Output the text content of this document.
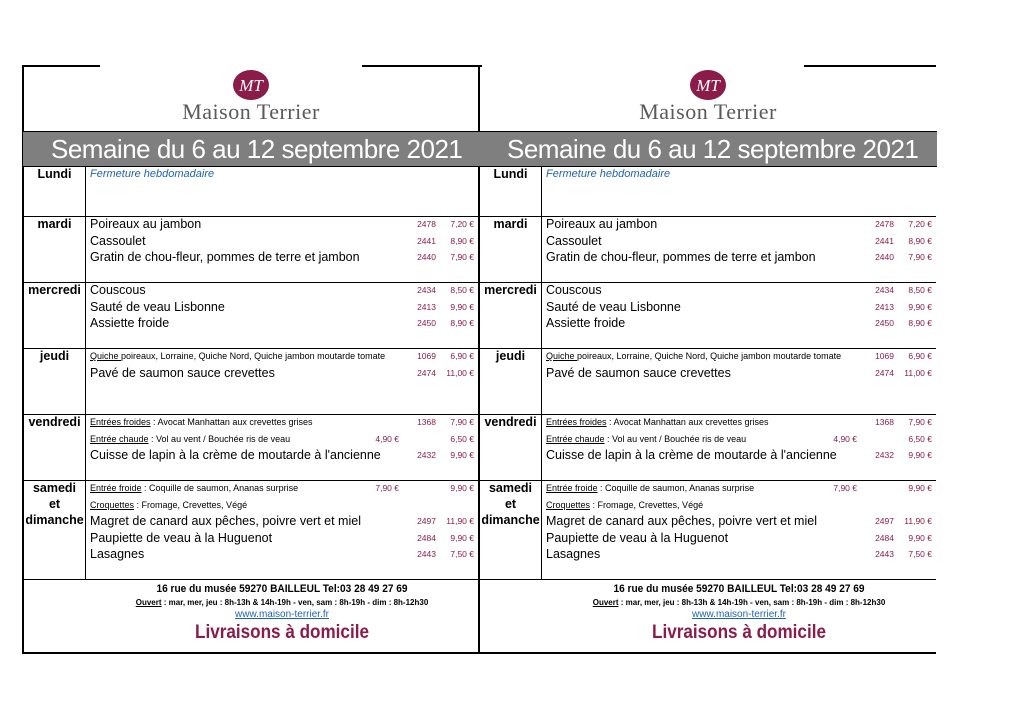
MT
Maison Terrier
Semaine du 6 au 12 septembre 2021
Lundi	Fermeture hebdomadaire
mardi	Poireaux au jambon	2478 7,20 €
Cassoulet	2441 8,90 €
Gratin de chou-fleur, pommes de terre et jambon	2440 7,90 €
mercredi Couscous	2434 8,50 €
Sauté de veau Lisbonne	2413 9,90 €
Assiette froide	2450 8,90 €
jeudi	Quiche poireaux, Lorraine, Quiche Nord, Quiche jambon moutarde tomate	1069 6,90 €
Pavé de saumon sauce crevettes	2474 11,00 €
vendredi	Entrées froides : Avocat Manhattan aux crevettes grises	1368 7,90 €
Entrée chaude : Vol au vent / Bouchée ris de veau	4,90 €	6,50 €
Cuisse de lapin à la crème de moutarde à l'ancienne	2432 9,90 €
samedi
et
dimanche
Entrée froide : Coquille de saumon, Ananas surprise	7,90 €	9,90 €
Croquettes : Fromage, Crevettes, Végé
Magret de canard aux pêches, poivre vert et miel	2497 11,90 €
Paupiette de veau à la Huguenot	2484 9,90 €
Lasagnes	2443 7,50 €
16 rue du musée 59270 BAILLEUL Tel:03 28 49 27 69
Ouvert : mar, mer, jeu : 8h-13h & 14h-19h - ven, sam : 8h-19h - dim : 8h-12h30
www.maison-terrier.fr
Livraisons à domicile
MT
Maison Terrier
Semaine du 6 au 12 septembre 2021
Lundi	Fermeture hebdomadaire
mardi	Poireaux au jambon	2478 7,20 €
Cassoulet	2441 8,90 €
Gratin de chou-fleur, pommes de terre et jambon	2440 7,90 €
mercredi Couscous	2434 8,50 €
Sauté de veau Lisbonne	2413 9,90 €
Assiette froide	2450 8,90 €
jeudi	Quiche poireaux, Lorraine, Quiche Nord, Quiche jambon moutarde tomate	1069 6,90 €
Pavé de saumon sauce crevettes	2474 11,00 €
vendredi	Entrées froides : Avocat Manhattan aux crevettes grises	1368 7,90 €
Entrée chaude : Vol au vent / Bouchée ris de veau	4,90 €	6,50 €
Cuisse de lapin à la crème de moutarde à l'ancienne	2432 9,90 €
samedi
et
dimanche
Entrée froide : Coquille de saumon, Ananas surprise	7,90 €	9,90 €
Croquettes : Fromage, Crevettes, Végé
Magret de canard aux pêches, poivre vert et miel	2497 11,90 €
Paupiette de veau à la Huguenot	2484 9,90 €
Lasagnes	2443 7,50 €
16 rue du musée 59270 BAILLEUL Tel:03 28 49 27 69
Ouvert : mar, mer, jeu : 8h-13h & 14h-19h - ven, sam : 8h-19h - dim : 8h-12h30
www.maison-terrier.fr
Livraisons à domicile
